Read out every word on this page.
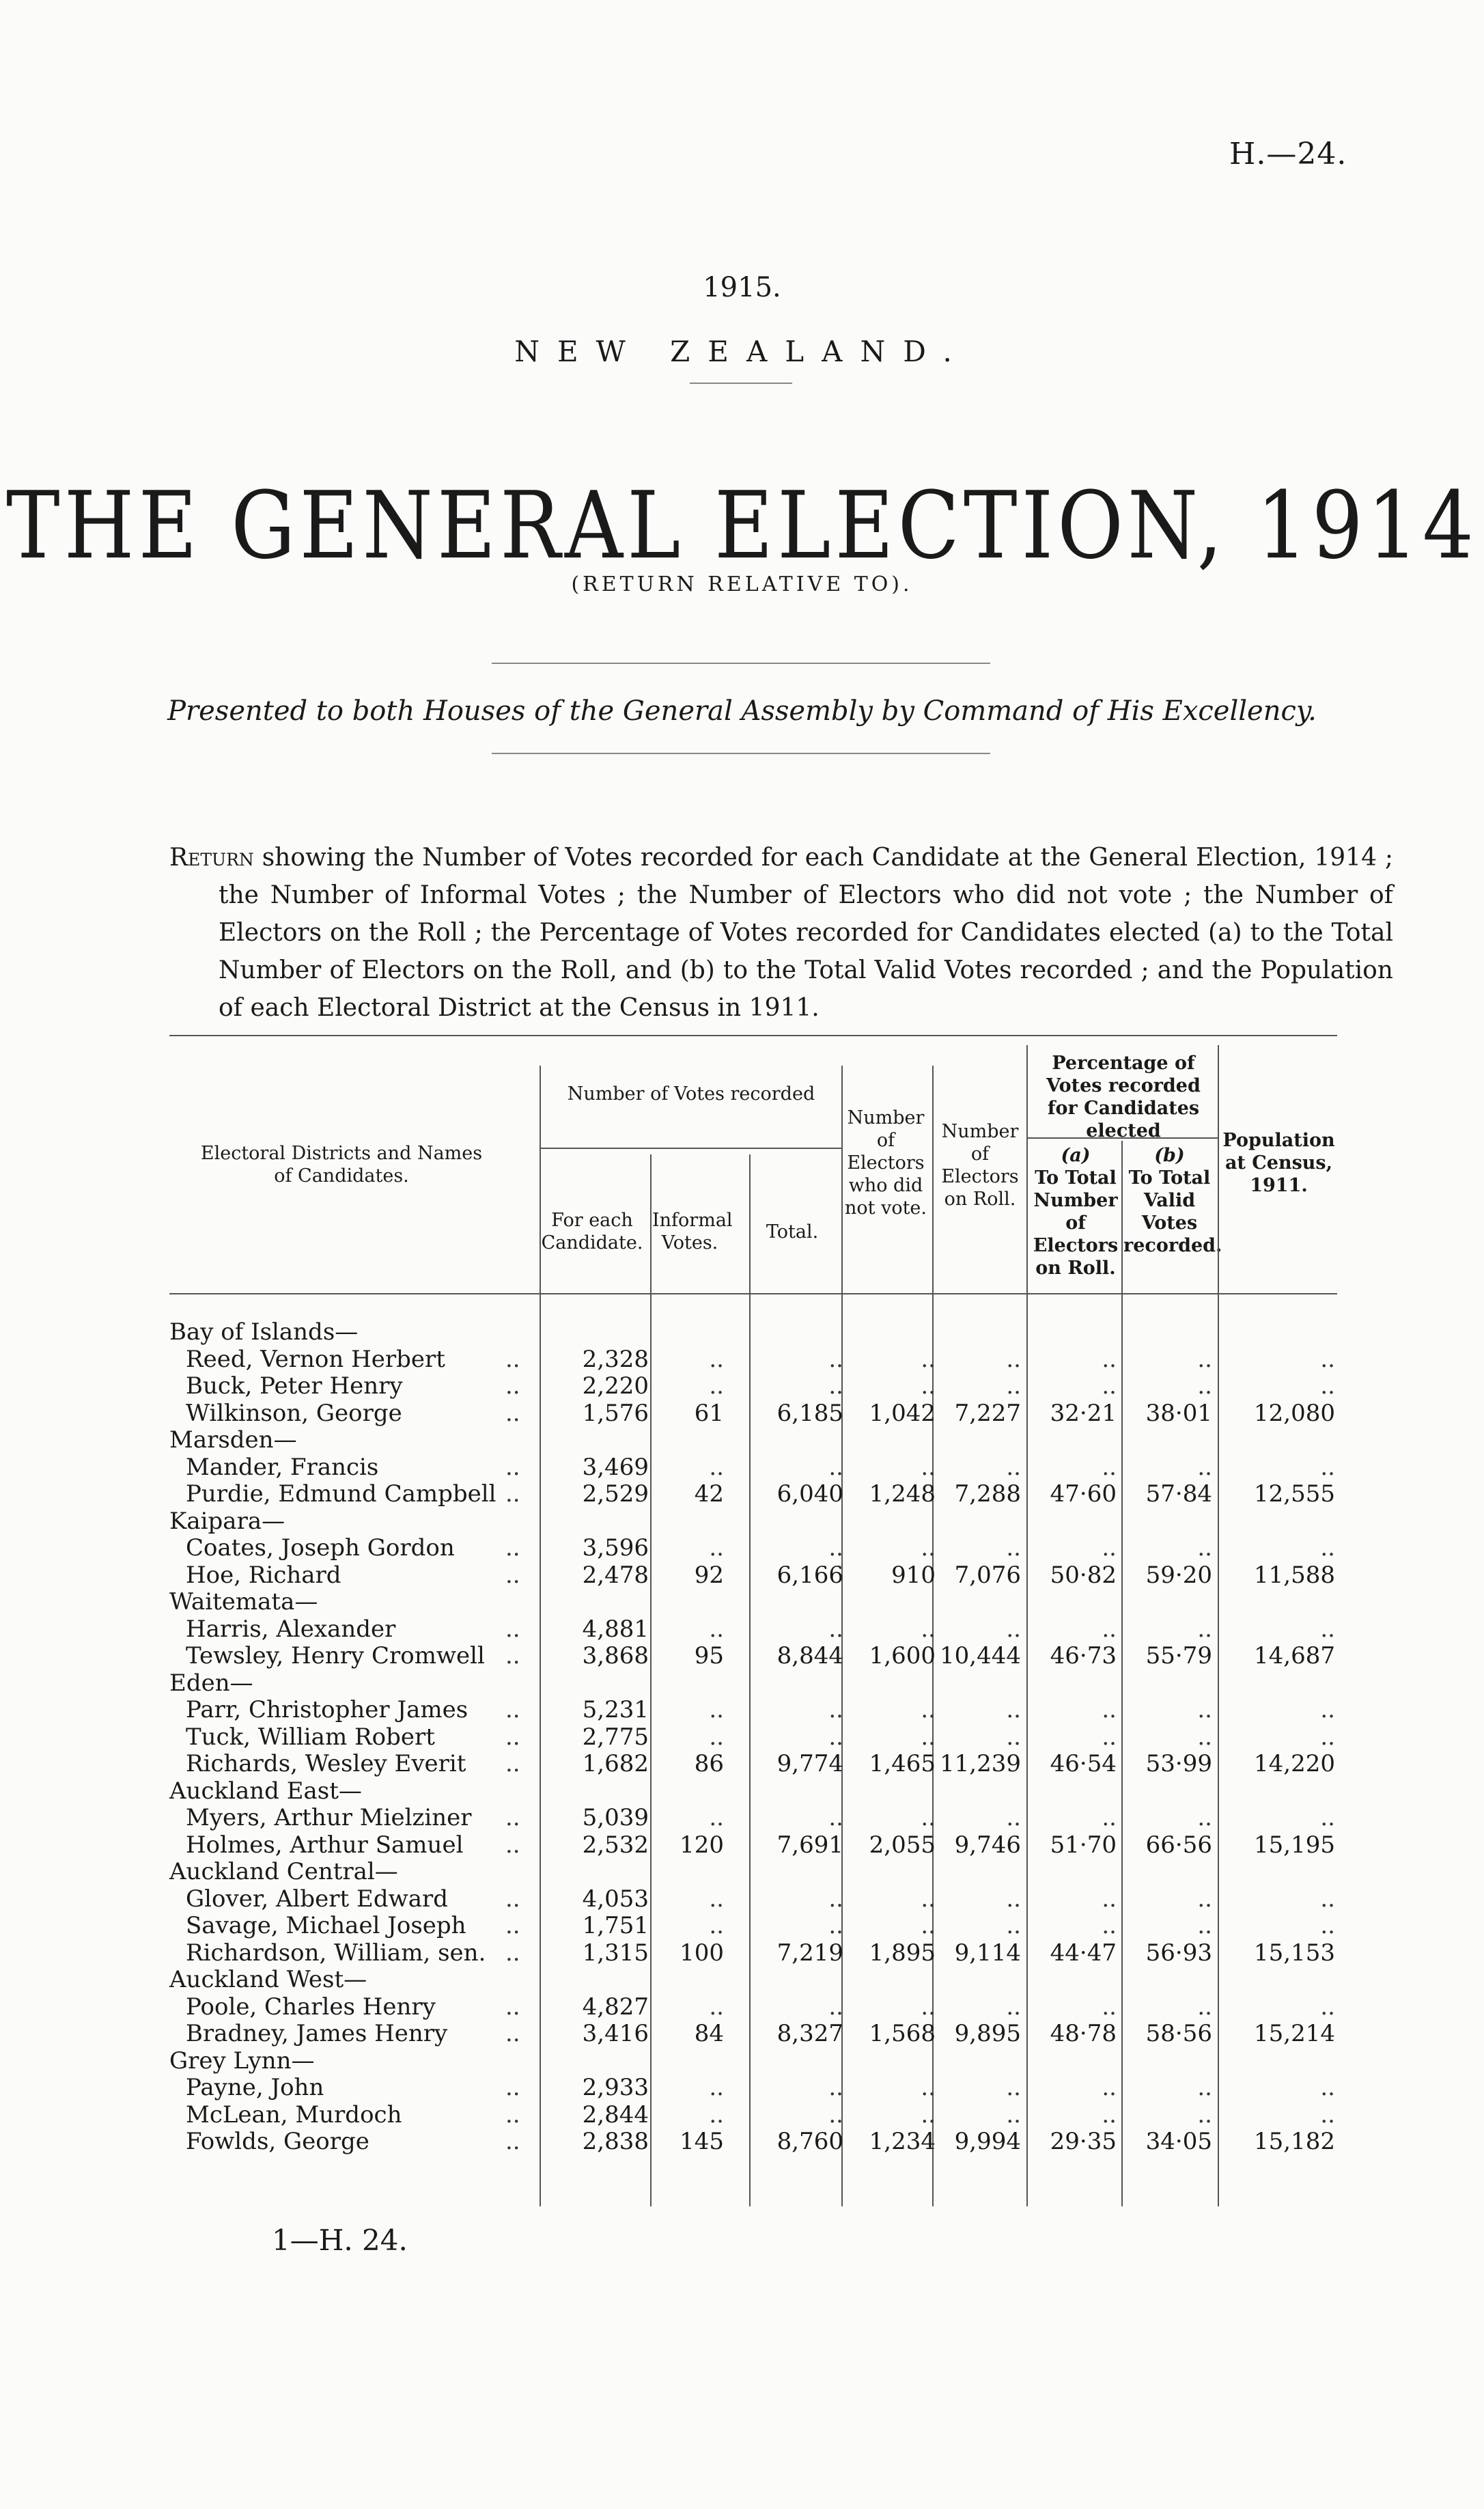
H.—24.
1915.
NEW ZEALAND.
THE GENERAL ELECTION, 1914
(RETURN RELATIVE TO).
Presented to both Houses of the General Assembly by Command of His Excellency.
Return showing the Number of Votes recorded for each Candidate at the General Election, 1914 ; the Number of Informal Votes ; the Number of Electors who did not vote ; the Number of Electors on the Roll ; the Percentage of Votes recorded for Candidates elected (a) to the Total Number of Electors on the Roll, and (b) to the Total Valid Votes recorded ; and the Population of each Electoral District at the Census in 1911.
Electoral Districts and Names of Candidates.
Number of Votes recorded
For each Candidate.
Informal Votes.
Total.
Number of Electors who did not vote.
Number of Electors on Roll.
Percentage of Votes recorded for Candidates elected
(a)
To Total Number of Electors on Roll.
(b)
To Total Valid Votes recorded.
Population at Census, 1911.
Bay of Islands—
Reed, Vernon Herbert	..	2,328	..	..	..	..	..	..	..
Buck, Peter Henry	..	2,220	..	..	..	..	..	..	..
Wilkinson, George	..	1,576	61	6,185	1,042 7,227	32·21	38·01	12,080
Marsden—
Mander, Francis	..	3,469	..	..	..	..	..	..	..
Purdie, Edmund Campbell ..	2,529	42	6,040	1,248 7,288	47·60	57·84	12,555
Kaipara—
Coates, Joseph Gordon ..	3,596	..	..	..	..	..	..	..
Hoe, Richard	..	2,478	92	6,166	910 7,076	50·82	59·20	11,588
Waitemata—
Harris, Alexander	..	4,881	..	..	..	..	..	..	..
Tewsley, Henry Cromwell ..	3,868	95	8,844	1,600 10,444	46·73	55·79	14,687
Eden—
Parr, Christopher James ..	5,231	..	..	..	..	..	..	..
Tuck, William Robert	..	2,775	..	..	..	..	..	..	..
Richards, Wesley Everit ..	1,682	86	9,774	1,465 11,239	46·54	53·99	14,220
Auckland East—
Myers, Arthur Mielziner ..	5,039	..	..	..	..	..	..	..
Holmes, Arthur Samuel ..	2,532	120	7,691	2,055 9,746	51·70	66·56	15,195
Auckland Central—
Glover, Albert Edward ..	4,053	..	..	..	..	..	..	..
Savage, Michael Joseph ..	1,751	..	..	..	..	..	..	..
Richardson, William, sen. ..	1,315	100	7,219	1,895 9,114	44·47	56·93	15,153
Auckland West—
Poole, Charles Henry	..	4,827	..	..	..	..	..	..	..
Bradney, James Henry ..	3,416	84	8,327	1,568 9,895	48·78	58·56	15,214
Grey Lynn—
Payne, John	..	2,933	..	..	..	..	..	..	..
McLean, Murdoch	..	2,844	..	..	..	..	..	..	..
Fowlds, George	..	2,838	145	8,760	1,234 9,994	29·35	34·05	15,182
1—H. 24.
